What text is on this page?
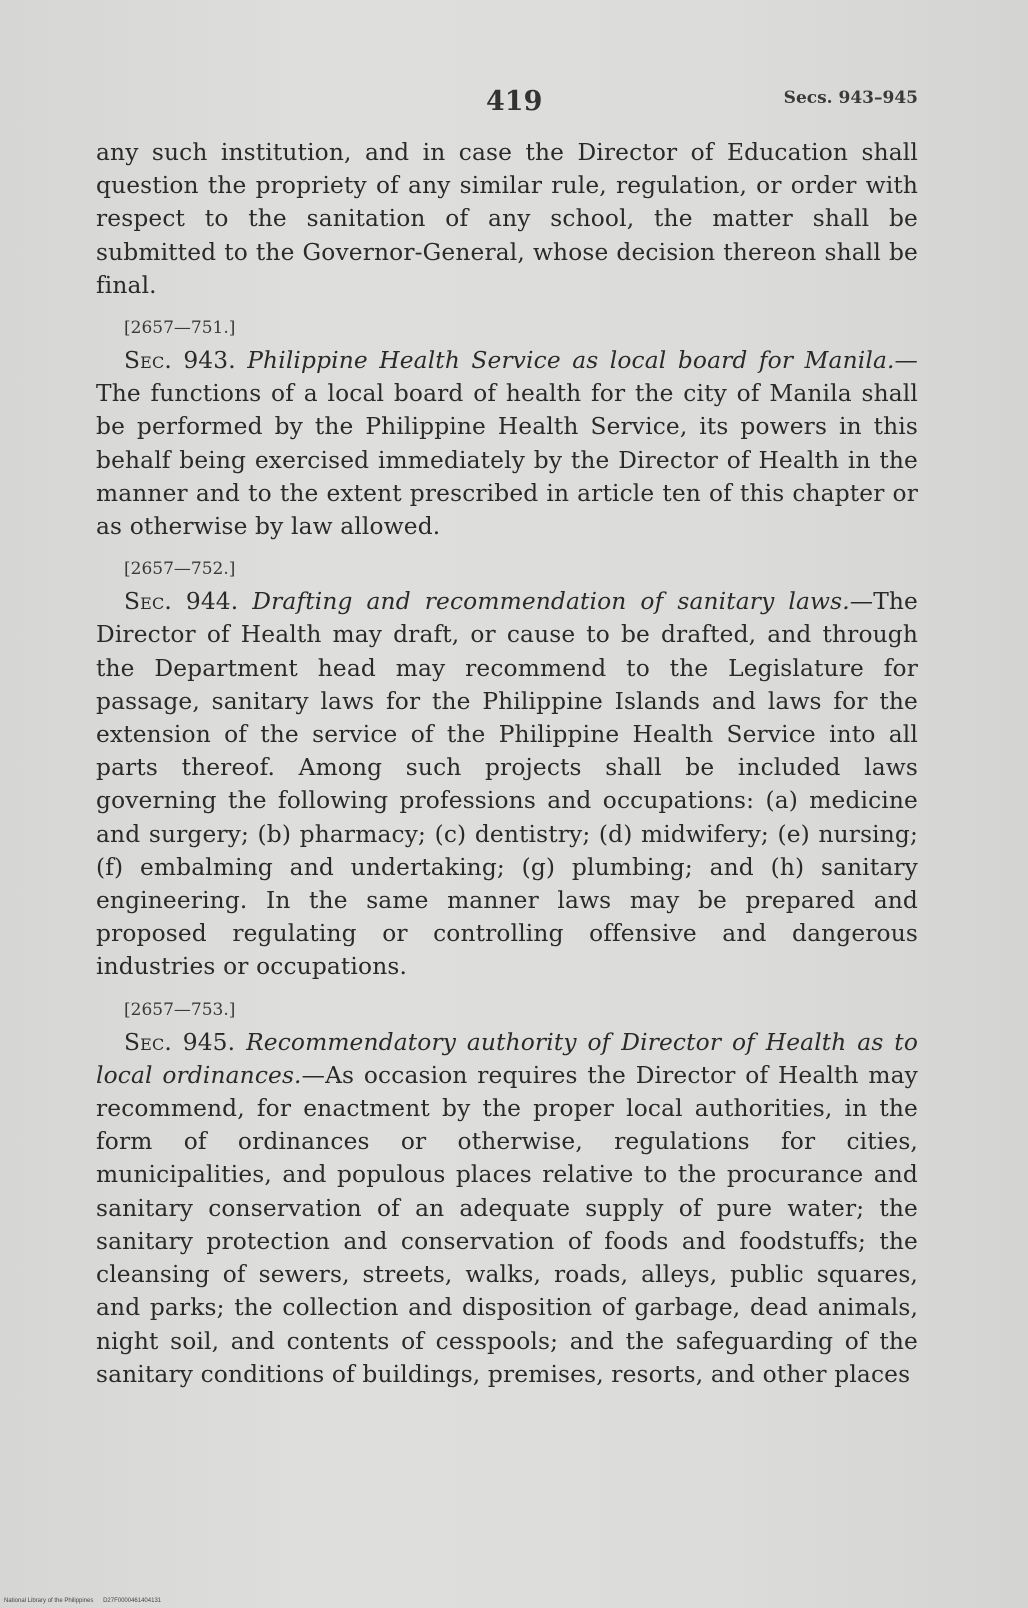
419	Secs. 943–945

any such institution, and in case the Director of Education shall question the propriety of any similar rule, regulation, or order with respect to the sanitation of any school, the matter shall be submitted to the Governor-General, whose decision thereon shall be final.

[2657—751.]

Sec. 943. Philippine Health Service as local board for Manila.—The functions of a local board of health for the city of Manila shall be performed by the Philippine Health Service, its powers in this behalf being exercised immediately by the Director of Health in the manner and to the extent prescribed in article ten of this chapter or as otherwise by law allowed.

[2657—752.]

Sec. 944. Drafting and recommendation of sanitary laws.—The Director of Health may draft, or cause to be drafted, and through the Department head may recommend to the Legislature for passage, sanitary laws for the Philippine Islands and laws for the extension of the service of the Philippine Health Service into all parts thereof. Among such projects shall be included laws governing the following professions and occupations: (a) medicine and surgery; (b) pharmacy; (c) dentistry; (d) midwifery; (e) nursing; (f) embalming and undertaking; (g) plumbing; and (h) sanitary engineering. In the same manner laws may be prepared and proposed regulating or controlling offensive and dangerous industries or occupations.

[2657—753.]

Sec. 945. Recommendatory authority of Director of Health as to local ordinances.—As occasion requires the Director of Health may recommend, for enactment by the proper local authorities, in the form of ordinances or otherwise, regulations for cities, municipalities, and populous places relative to the procurance and sanitary conservation of an adequate supply of pure water; the sanitary protection and conservation of foods and foodstuffs; the cleansing of sewers, streets, walks, roads, alleys, public squares, and parks; the collection and disposition of garbage, dead animals, night soil, and contents of cesspools; and the safeguarding of the sanitary conditions of buildings, premises, resorts, and other places

National Library of the Philippines D27F0000461404131
